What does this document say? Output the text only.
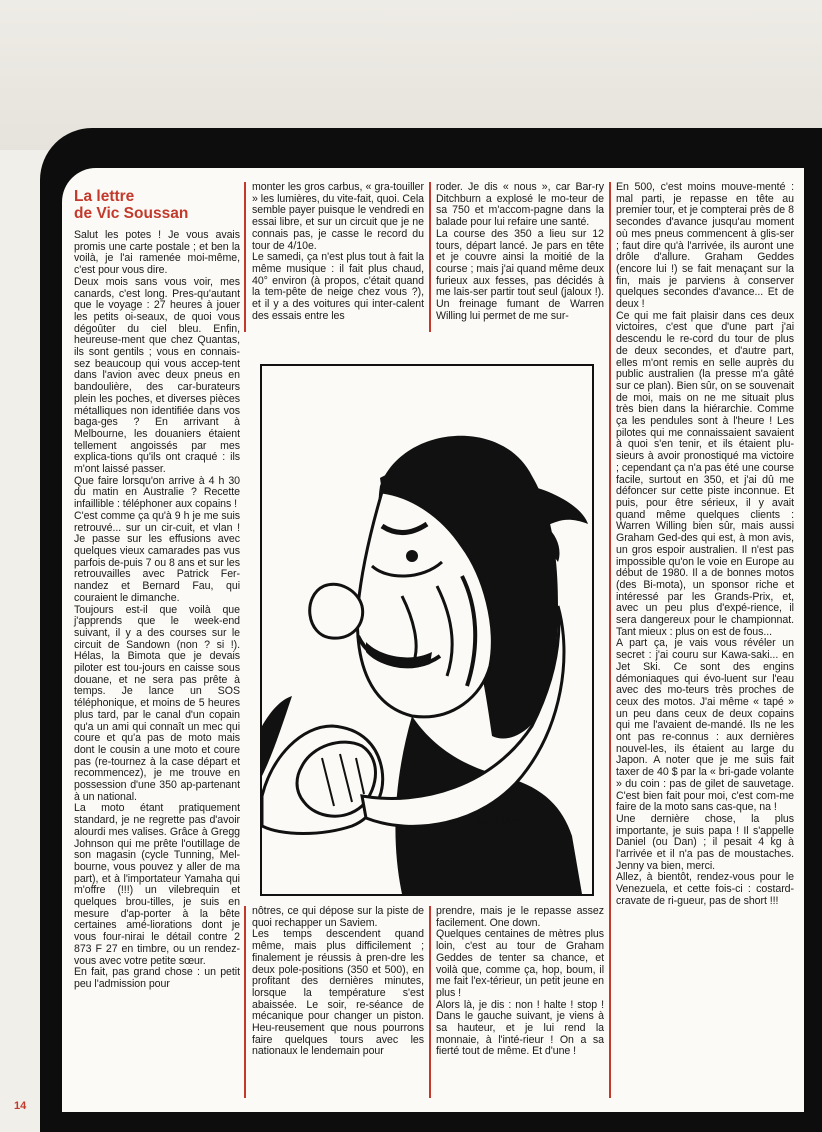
La lettre
de Vic Soussan

Salut les potes ! Je vous avais promis une carte postale ; et ben la voilà, je l'ai ramenée moi-même, c'est pour vous dire.

Deux mois sans vous voir, mes canards, c'est long. Pres-qu'autant que le voyage : 27 heures à jouer les petits oi-seaux, de quoi vous dégoûter du ciel bleu. Enfin, heureuse-ment que chez Quantas, ils sont gentils ; vous en connais-sez beaucoup qui vous accep-tent dans l'avion avec deux pneus en bandoulière, des car-burateurs plein les poches, et diverses pièces métalliques non identifiée dans vos baga-ges ? En arrivant à Melbourne, les douaniers étaient tellement angoissés par mes explica-tions qu'ils ont craqué : ils m'ont laissé passer.

Que faire lorsqu'on arrive à 4 h 30 du matin en Australie ? Recette infaillible : téléphoner aux copains !

C'est comme ça qu'à 9 h je me suis retrouvé... sur un cir-cuit, et vlan ! Je passe sur les effusions avec quelques vieux camarades pas vus parfois de-puis 7 ou 8 ans et sur les retrouvailles avec Patrick Fer-nandez et Bernard Fau, qui couraient le dimanche.

Toujours est-il que voilà que j'apprends que le week-end suivant, il y a des courses sur le circuit de Sandown (non ? si !). Hélas, la Bimota que je devais piloter est tou-jours en caisse sous douane, et ne sera pas prête à temps. Je lance un SOS téléphonique, et moins de 5 heures plus tard, par le canal d'un copain qu'a un ami qui connaît un mec qui coure et qu'a pas de moto mais dont le cousin a une moto et coure pas (re-tournez à la case départ et recommencez), je me trouve en possession d'une 350 ap-partenant à un national.

La moto étant pratiquement standard, je ne regrette pas d'avoir alourdi mes valises. Grâce à Gregg Johnson qui me prête l'outillage de son magasin (cycle Tunning, Mel-bourne, vous pouvez y aller de ma part), et à l'importateur Yamaha qui m'offre (!!!) un vilebrequin et quelques brou-tilles, je suis en mesure d'ap-porter à la bête certaines amé-liorations dont je vous four-nirai le détail contre 2 873 F 27 en timbre, ou un rendez-vous avec votre petite sœur.

En fait, pas grand chose : un petit peu l'admission pour

monter les gros carbus, « gra-touiller » les lumières, du vite-fait, quoi. Cela semble payer puisque le vendredi en essai libre, et sur un circuit que je ne connais pas, je casse le record du tour de 4/10e.

Le samedi, ça n'est plus tout à fait la même musique : il fait plus chaud, 40° environ (à propos, c'était quand la tem-pête de neige chez vous ?), et il y a des voitures qui inter-calent des essais entre les

roder. Je dis « nous », car Bar-ry Ditchburn a explosé le mo-teur de sa 750 et m'accom-pagne dans la balade pour lui refaire une santé.

La course des 350 a lieu sur 12 tours, départ lancé. Je pars en tête et je couvre ainsi la moitié de la course ; mais j'ai quand même deux furieux aux fesses, pas décidés à me lais-ser partir tout seul (jaloux !). Un freinage fumant de Warren Willing lui permet de me sur-

En 500, c'est moins mouve-menté : mal parti, je repasse en tête au premier tour, et je compterai près de 8 secondes d'avance jusqu'au moment où mes pneus commencent à glis-ser ; faut dire qu'à l'arrivée, ils auront une drôle d'allure. Graham Geddes (encore lui !) se fait menaçant sur la fin, mais je parviens à conserver quelques secondes d'avance... Et de deux !

Ce qui me fait plaisir dans ces deux victoires, c'est que d'une part j'ai descendu le re-cord du tour de plus de deux secondes, et d'autre part, elles m'ont remis en selle auprès du public australien (la presse m'a gâté sur ce plan). Bien sûr, on se souvenait de moi, mais on ne me situait plus très bien dans la hiérarchie. Comme ça les pendules sont à l'heure ! Les pilotes qui me connaissaient savaient à quoi s'en tenir, et ils étaient plu-sieurs à avoir pronostiqué ma victoire ; cependant ça n'a pas été une course facile, surtout en 350, et j'ai dû me défoncer sur cette piste inconnue. Et puis, pour être sérieux, il y avait quand même quelques clients : Warren Willing bien sûr, mais aussi Graham Ged-des qui est, à mon avis, un gros espoir australien. Il n'est pas impossible qu'on le voie en Europe au début de 1980. Il a de bonnes motos (des Bi-mota), un sponsor riche et intéressé par les Grands-Prix, et, avec un peu plus d'expé-rience, il sera dangereux pour le championnat. Tant mieux : plus on est de fous...

A part ça, je vais vous révéler un secret : j'ai couru sur Kawa-saki... en Jet Ski. Ce sont des engins démoniaques qui évo-luent sur l'eau avec des mo-teurs très proches de ceux des motos. J'ai même « tapé » un peu dans ceux de deux copains qui me l'avaient de-mandé. Ils ne les ont pas re-connus : aux dernières nouvel-les, ils étaient au large du Japon. A noter que je me suis fait taxer de 40 $ par la « bri-gade volante » du coin : pas de gilet de sauvetage. C'est bien fait pour moi, c'est com-me faire de la moto sans cas-que, na !

Une dernière chose, la plus importante, je suis papa ! Il s'appelle Daniel (ou Dan) ; il pesait 4 kg à l'arrivée et il n'a pas de moustaches. Jenny va bien, merci.

Allez, à bientôt, rendez-vous pour le Venezuela, et cette fois-ci : costard-cravate de ri-gueur, pas de short !!!

SUTUANT.

nôtres, ce qui dépose sur la piste de quoi rechapper un Saviem.

Les temps descendent quand même, mais plus difficilement ; finalement je réussis à pren-dre les deux pole-positions (350 et 500), en profitant des dernières minutes, lorsque la température s'est abaissée. Le soir, re-séance de mécanique pour changer un piston. Heu-reusement que nous pourrons faire quelques tours avec les nationaux le lendemain pour

prendre, mais je le repasse assez facilement. One down.

Quelques centaines de mètres plus loin, c'est au tour de Graham Geddes de tenter sa chance, et voilà que, comme ça, hop, boum, il me fait l'ex-térieur, un petit jeune en plus !

Alors là, je dis : non ! halte ! stop ! Dans le gauche suivant, je viens à sa hauteur, et je lui rend la monnaie, à l'inté-rieur ! On a sa fierté tout de même. Et d'une !

14
